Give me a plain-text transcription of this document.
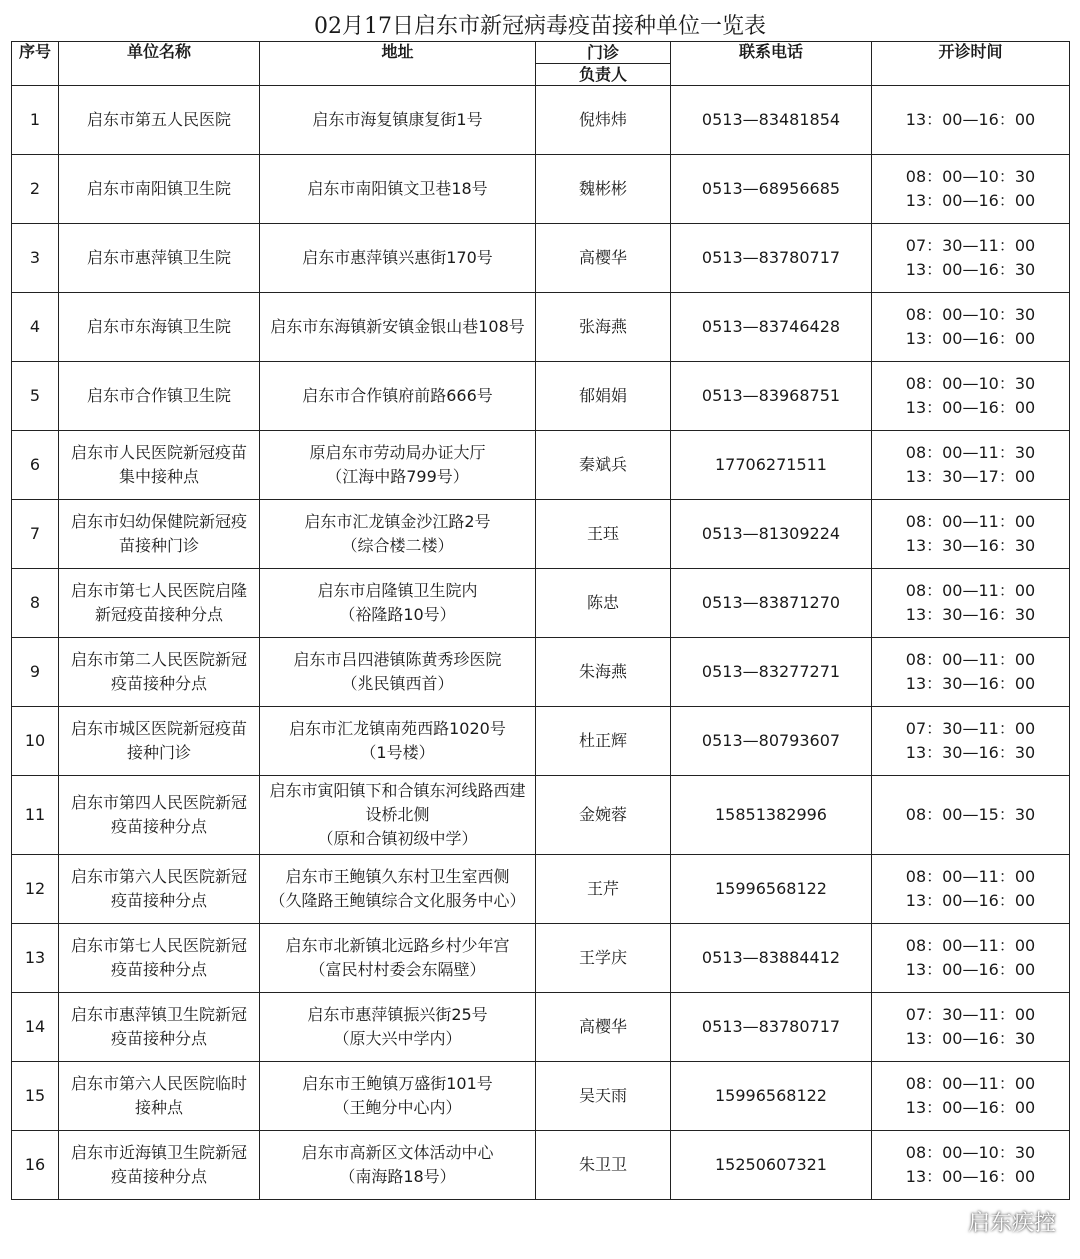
02月17日启东市新冠病毒疫苗接种单位一览表
序号	单位名称	地址	门诊	联系电话	开诊时间
			负责人		
1	启东市第五人民医院	启东市海复镇康复街1号	倪炜炜	0513—83481854	13：00—16：00

2	启东市南阳镇卫生院	启东市南阳镇文卫巷18号	魏彬彬	0513—68956685	08：00—10：30
13：00—16：00

3	启东市惠萍镇卫生院	启东市惠萍镇兴惠街170号	高樱华	0513—83780717	07：30—11：00
13：00—16：30

4	启东市东海镇卫生院	启东市东海镇新安镇金银山巷108号	张海燕	0513—83746428	08：00—10：30
13：00—16：00

5	启东市合作镇卫生院	启东市合作镇府前路666号	郁娟娟	0513—83968751	08：00—10：30
13：00—16：00

6	启东市人民医院新冠疫苗
集中接种点	原启东市劳动局办证大厅
（江海中路799号）	秦斌兵	17706271511	08：00—11：30
13：30—17：00

7	启东市妇幼保健院新冠疫
苗接种门诊	启东市汇龙镇金沙江路2号
（综合楼二楼）	王珏	0513—81309224	08：00—11：00
13：30—16：30

8	启东市第七人民医院启隆
新冠疫苗接种分点	启东市启隆镇卫生院内
（裕隆路10号）	陈忠	0513—83871270	08：00—11：00
13：30—16：30

9	启东市第二人民医院新冠
疫苗接种分点	启东市吕四港镇陈黄秀珍医院
（兆民镇西首）	朱海燕	0513—83277271	08：00—11：00
13：30—16：00

10	启东市城区医院新冠疫苗
接种门诊	启东市汇龙镇南苑西路1020号
（1号楼）	杜正辉	0513—80793607	07：30—11：00
13：30—16：30

11	启东市第四人民医院新冠
疫苗接种分点	启东市寅阳镇下和合镇东河线路西建
设桥北侧
（原和合镇初级中学）	金婉蓉	15851382996	08：00—15：30

12	启东市第六人民医院新冠
疫苗接种分点	启东市王鲍镇久东村卫生室西侧
（久隆路王鲍镇综合文化服务中心）	王芹	15996568122	08：00—11：00
13：00—16：00

13	启东市第七人民医院新冠
疫苗接种分点	启东市北新镇北远路乡村少年宫
（富民村村委会东隔壁）	王学庆	0513—83884412	08：00—11：00
13：00—16：00

14	启东市惠萍镇卫生院新冠
疫苗接种分点	启东市惠萍镇振兴街25号
（原大兴中学内）	高樱华	0513—83780717	07：30—11：00
13：00—16：30

15	启东市第六人民医院临时
接种点	启东市王鲍镇万盛街101号
（王鲍分中心内）	吴天雨	15996568122	08：00—11：00
13：00—16：00

16	启东市近海镇卫生院新冠
疫苗接种分点	启东市高新区文体活动中心
（南海路18号）	朱卫卫	15250607321	08：00—10：30
13：00—16：00
启东疾控
